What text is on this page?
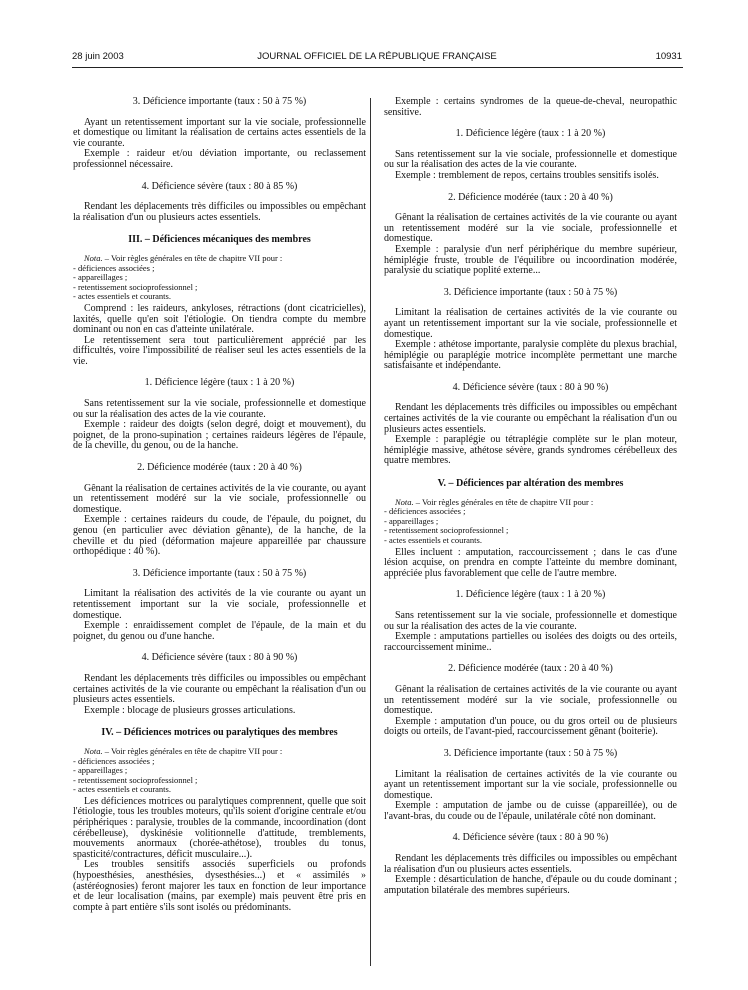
28 juin 2003	JOURNAL OFFICIEL DE LA RÉPUBLIQUE FRANÇAISE	10931
3. Déficience importante (taux : 50 à 75 %)

Ayant un retentissement important sur la vie sociale, professionnelle et domestique ou limitant la réalisation de certains actes essentiels de la vie courante.

Exemple : raideur et/ou déviation importante, ou reclassement professionnel nécessaire.

4. Déficience sévère (taux : 80 à 85 %)

Rendant les déplacements très difficiles ou impossibles ou empêchant la réalisation d'un ou plusieurs actes essentiels.

III. – Déficiences mécaniques des membres

Nota. – Voir règles générales en tête de chapitre VII pour :

- déficiences associées ;
- appareillages ;
- retentissement socioprofessionnel ;
- actes essentiels et courants.

Comprend : les raideurs, ankyloses, rétractions (dont cicatricielles), laxités, quelle qu'en soit l'étiologie. On tiendra compte du membre dominant ou non en cas d'atteinte unilatérale.

Le retentissement sera tout particulièrement apprécié par les difficultés, voire l'impossibilité de réaliser seul les actes essentiels de la vie.

1. Déficience légère (taux : 1 à 20 %)

Sans retentissement sur la vie sociale, professionnelle et domestique ou sur la réalisation des actes de la vie courante.

Exemple : raideur des doigts (selon degré, doigt et mouvement), du poignet, de la prono-supination ; certaines raideurs légères de l'épaule, de la cheville, du genou, ou de la hanche.

2. Déficience modérée (taux : 20 à 40 %)

Gênant la réalisation de certaines activités de la vie courante, ou ayant un retentissement modéré sur la vie sociale, professionnelle ou domestique.

Exemple : certaines raideurs du coude, de l'épaule, du poignet, du genou (en particulier avec déviation gênante), de la hanche, de la cheville et du pied (déformation majeure appareillée par chaussure orthopédique : 40 %).

3. Déficience importante (taux : 50 à 75 %)

Limitant la réalisation des activités de la vie courante ou ayant un retentissement important sur la vie sociale, professionnelle et domestique.

Exemple : enraidissement complet de l'épaule, de la main et du poignet, du genou ou d'une hanche.

4. Déficience sévère (taux : 80 à 90 %)

Rendant les déplacements très difficiles ou impossibles ou empêchant certaines activités de la vie courante ou empêchant la réalisation d'un ou plusieurs actes essentiels.

Exemple : blocage de plusieurs grosses articulations.

IV. – Déficiences motrices ou paralytiques des membres

Nota. – Voir règles générales en tête de chapitre VII pour :

- déficiences associées ;
- appareillages ;
- retentissement socioprofessionnel ;
- actes essentiels et courants.

Les déficiences motrices ou paralytiques comprennent, quelle que soit l'étiologie, tous les troubles moteurs, qu'ils soient d'origine centrale et/ou périphériques : paralysie, troubles de la commande, incoordination (dont cérébelleuse), dyskinésie volitionnelle d'attitude, tremblements, mouvements anormaux (chorée-athétose), troubles du tonus, spasticité/contractures, déficit musculaire...).

Les troubles sensitifs associés superficiels ou profonds (hypoesthésies, anesthésies, dysesthésies...) et « assimilés » (astéréognosies) feront majorer les taux en fonction de leur importance et de leur localisation (mains, par exemple) mais peuvent être pris en compte à part entière s'ils sont isolés ou prédominants.

Exemple : certains syndromes de la queue-de-cheval, neuropathic sensitive.

1. Déficience légère (taux : 1 à 20 %)

Sans retentissement sur la vie sociale, professionnelle et domestique ou sur la réalisation des actes de la vie courante.

Exemple : tremblement de repos, certains troubles sensitifs isolés.

2. Déficience modérée (taux : 20 à 40 %)

Gênant la réalisation de certaines activités de la vie courante ou ayant un retentissement modéré sur la vie sociale, professionnelle et domestique.

Exemple : paralysie d'un nerf périphérique du membre supérieur, hémiplégie fruste, trouble de l'équilibre ou incoordination modérée, paralysie du sciatique poplité externe...

3. Déficience importante (taux : 50 à 75 %)

Limitant la réalisation de certaines activités de la vie courante ou ayant un retentissement important sur la vie sociale, professionnelle et domestique.

Exemple : athétose importante, paralysie complète du plexus brachial, hémiplégie ou paraplégie motrice incomplète permettant une marche satisfaisante et indépendante.

4. Déficience sévère (taux : 80 à 90 %)

Rendant les déplacements très difficiles ou impossibles ou empêchant certaines activités de la vie courante ou empêchant la réalisation d'un ou plusieurs actes essentiels.

Exemple : paraplégie ou tétraplégie complète sur le plan moteur, hémiplégie massive, athétose sévère, grands syndromes cérébelleux des quatre membres.

V. – Déficiences par altération des membres

Nota. – Voir règles générales en tête de chapitre VII pour :

- déficiences associées ;
- appareillages ;
- retentissement socioprofessionnel ;
- actes essentiels et courants.

Elles incluent : amputation, raccourcissement ; dans le cas d'une lésion acquise, on prendra en compte l'atteinte du membre dominant, appréciée plus favorablement que celle de l'autre membre.

1. Déficience légère (taux : 1 à 20 %)

Sans retentissement sur la vie sociale, professionnelle et domestique ou sur la réalisation des actes de la vie courante.

Exemple : amputations partielles ou isolées des doigts ou des orteils, raccourcissement minime..

2. Déficience modérée (taux : 20 à 40 %)

Gênant la réalisation de certaines activités de la vie courante ou ayant un retentissement modéré sur la vie sociale, professionnelle ou domestique.

Exemple : amputation d'un pouce, ou du gros orteil ou de plusieurs doigts ou orteils, de l'avant-pied, raccourcissement gênant (boiterie).

3. Déficience importante (taux : 50 à 75 %)

Limitant la réalisation de certaines activités de la vie courante ou ayant un retentissement important sur la vie sociale, professionnelle ou domestique.

Exemple : amputation de jambe ou de cuisse (appareillée), ou de l'avant-bras, du coude ou de l'épaule, unilatérale côté non dominant.

4. Déficience sévère (taux : 80 à 90 %)

Rendant les déplacements très difficiles ou impossibles ou empêchant la réalisation d'un ou plusieurs actes essentiels.

Exemple : désarticulation de hanche, d'épaule ou du coude dominant ; amputation bilatérale des membres supérieurs.
